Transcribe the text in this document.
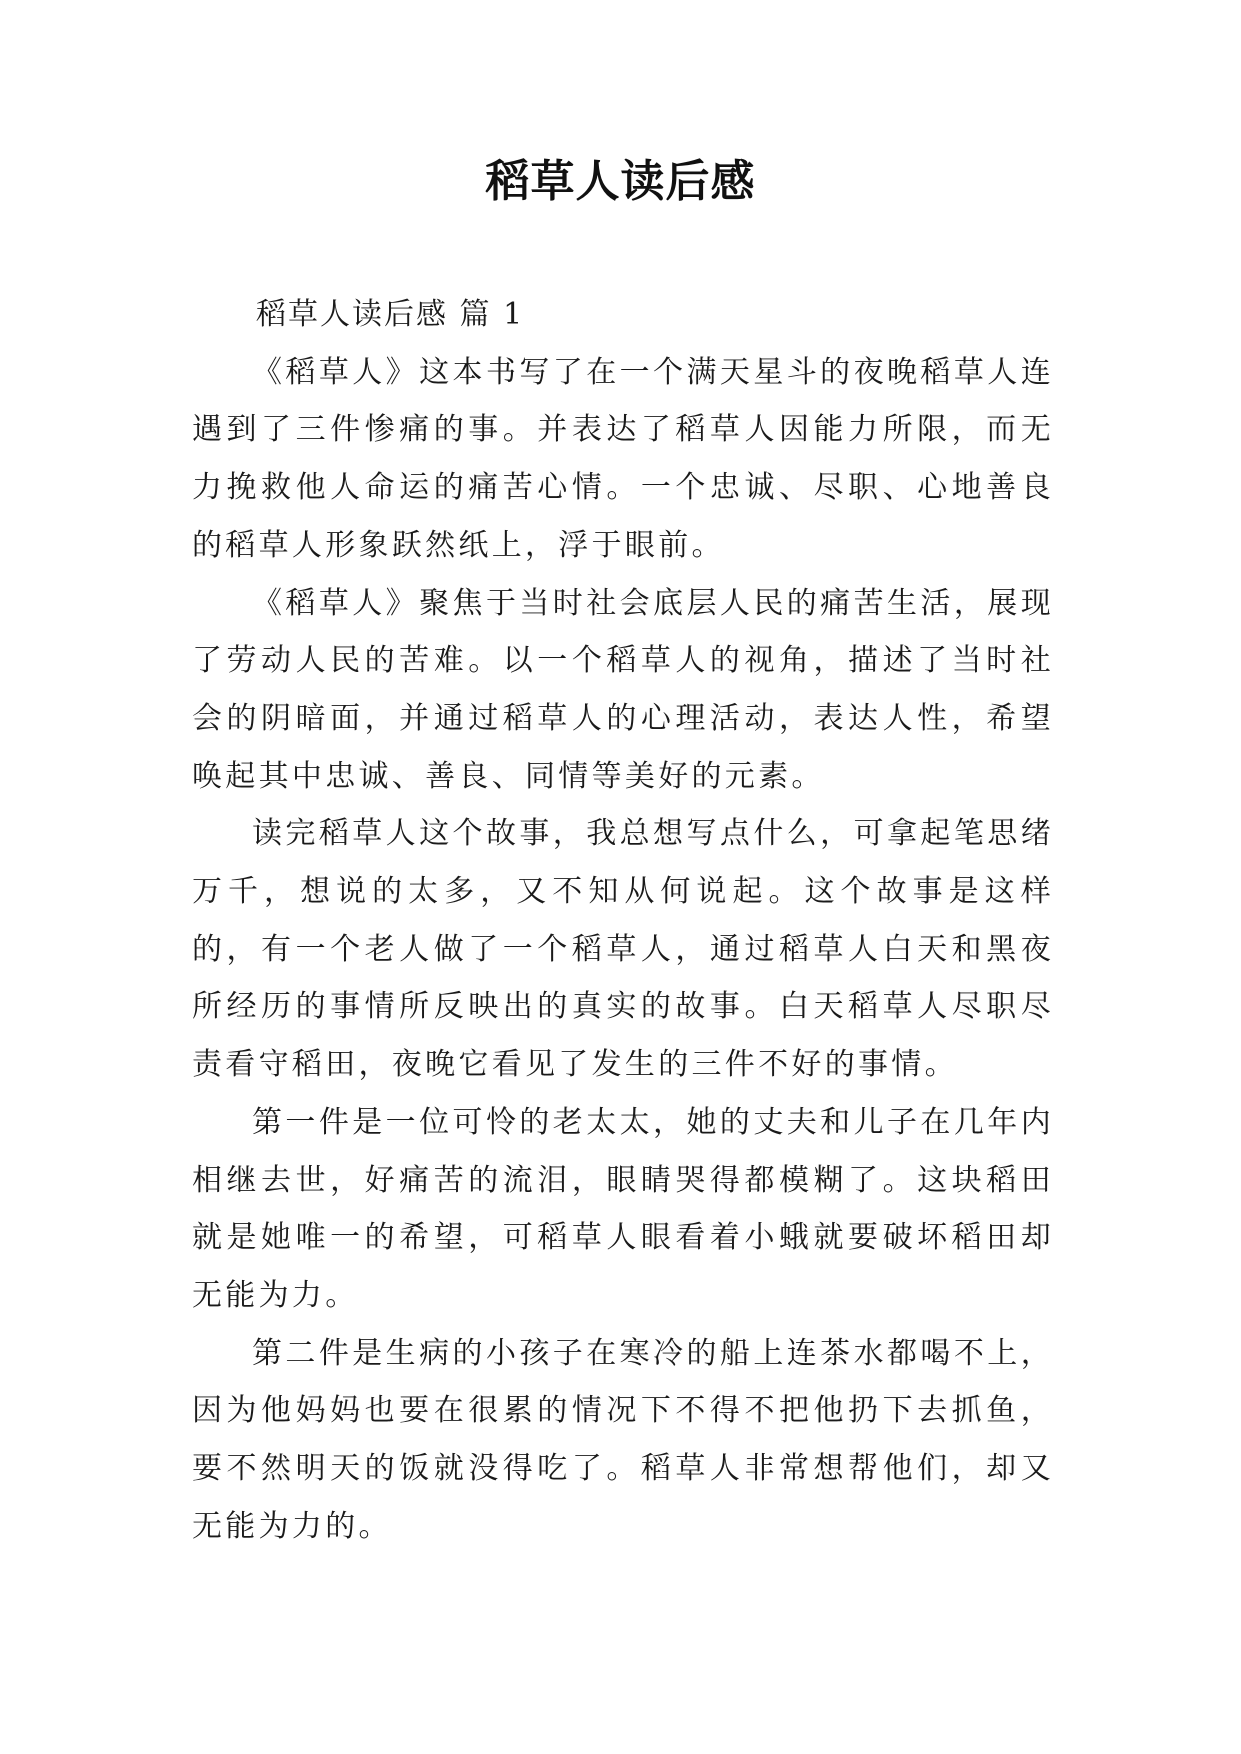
稻草人读后感

稻草人读后感 篇 1

《稻草人》这本书写了在一个满天星斗的夜晚稻草人连遇到了三件惨痛的事。并表达了稻草人因能力所限，而无力挽救他人命运的痛苦心情。一个忠诚、尽职、心地善良的稻草人形象跃然纸上，浮于眼前。

《稻草人》聚焦于当时社会底层人民的痛苦生活，展现了劳动人民的苦难。以一个稻草人的视角，描述了当时社会的阴暗面，并通过稻草人的心理活动，表达人性，希望唤起其中忠诚、善良、同情等美好的元素。

读完稻草人这个故事，我总想写点什么，可拿起笔思绪万千，想说的太多，又不知从何说起。这个故事是这样的，有一个老人做了一个稻草人，通过稻草人白天和黑夜所经历的事情所反映出的真实的故事。白天稻草人尽职尽责看守稻田，夜晚它看见了发生的三件不好的事情。

第一件是一位可怜的老太太，她的丈夫和儿子在几年内相继去世，好痛苦的流泪，眼睛哭得都模糊了。这块稻田就是她唯一的希望，可稻草人眼看着小蛾就要破坏稻田却无能为力。

第二件是生病的小孩子在寒冷的船上连茶水都喝不上，因为他妈妈也要在很累的情况下不得不把他扔下去抓鱼，要不然明天的饭就没得吃了。稻草人非常想帮他们，却又无能为力的。
